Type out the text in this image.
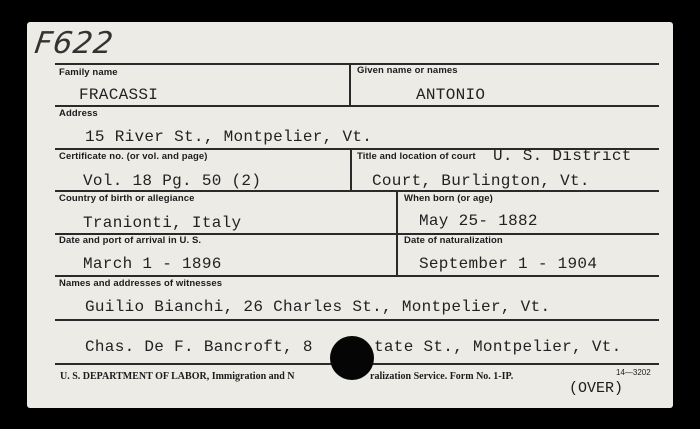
F622
Family name	Given name or names
FRACASSI	ANTONIO
Address
15 River St., Montpelier, Vt.
Certificate no. (or vol. and page)	Title and location of court U. S. District
Vol. 18 Pg. 50 (2)	Court, Burlington, Vt.
Country of birth or allegiance	When born (or age)
Tranionti, Italy	May 25- 1882
Date and port of arrival in U. S.	Date of naturalization
March 1 - 1896	September 1 - 1904
Names and addresses of witnesses
Guilio Bianchi, 26 Charles St., Montpelier, Vt.
Chas. De F. Bancroft, 8	tate St., Montpelier, Vt.
U. S. DEPARTMENT OF LABOR, Immigration and N	ralization Service. Form No. 1-IP.	14—3202
(OVER)
